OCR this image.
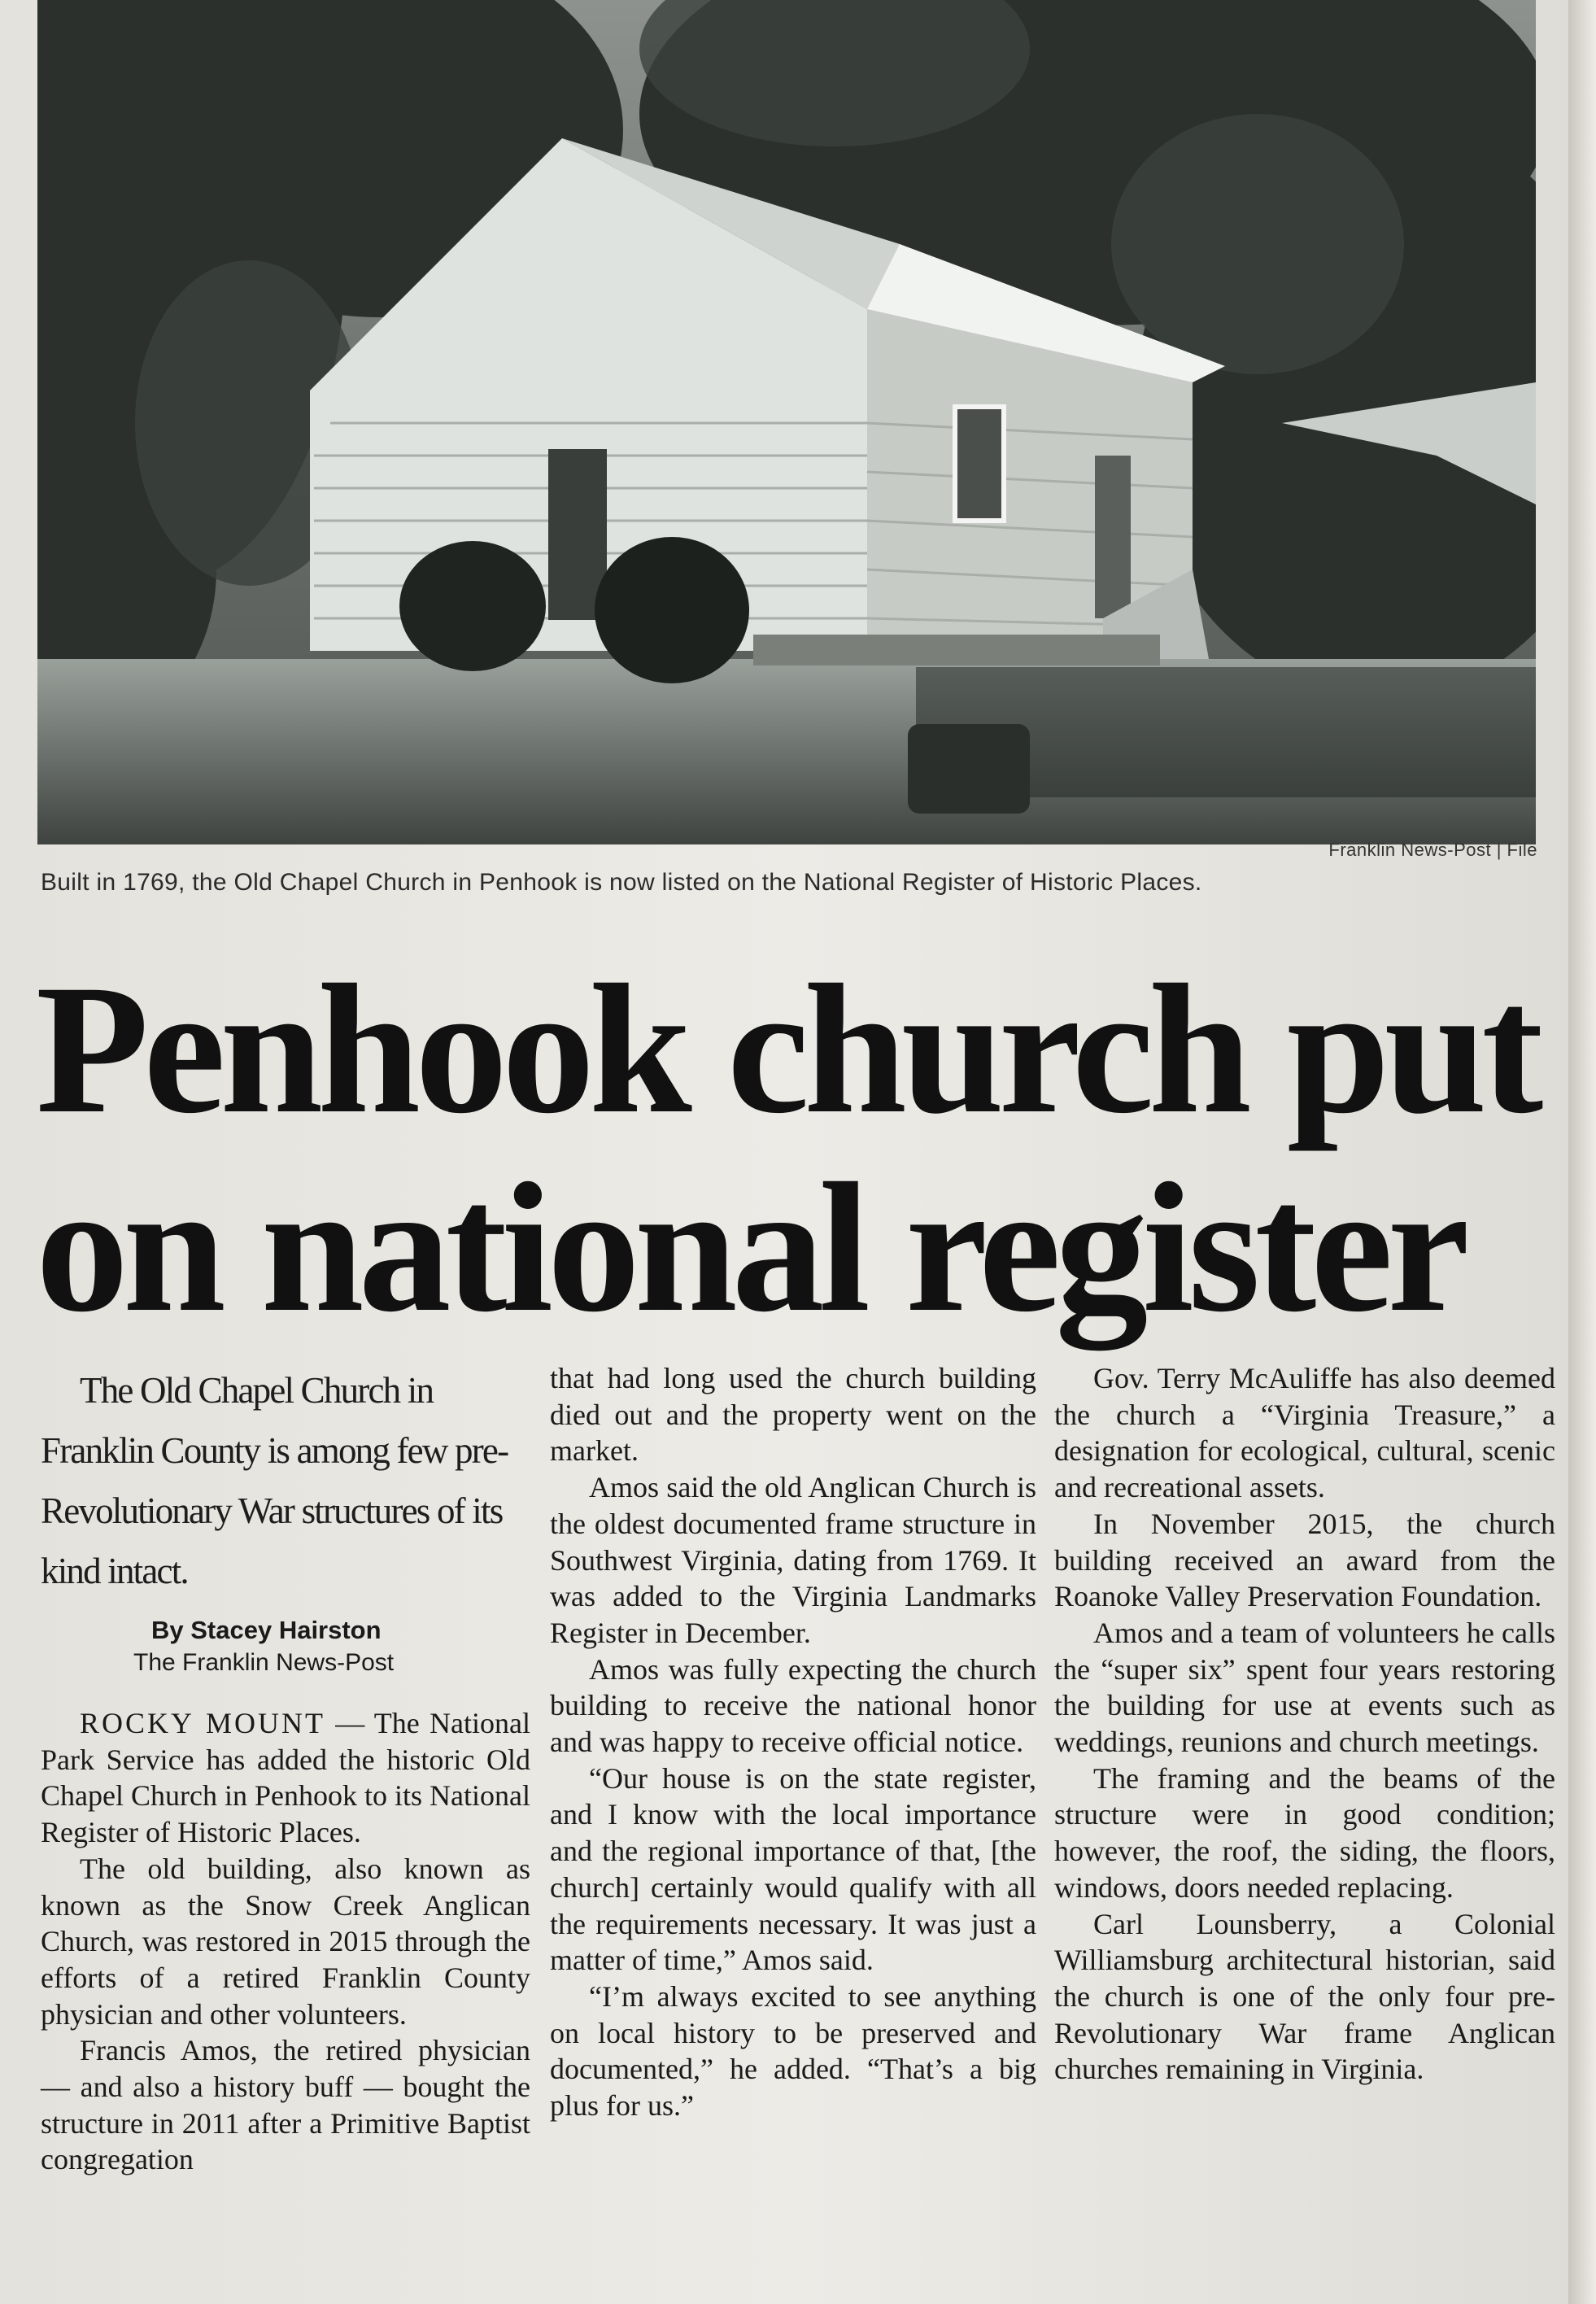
Franklin News-Post | File
Built in 1769, the Old Chapel Church in Penhook is now listed on the National Register of Historic Places.
Penhook church put
on national register

The Old Chapel Church in Franklin County is among few pre-Revolutionary War structures of its kind intact.

By Stacey Hairston
The Franklin News-Post

ROCKY MOUNT — The National Park Service has added the historic Old Chapel Church in Penhook to its National Register of Historic Places.

The old building, also known as known as the Snow Creek Anglican Church, was restored in 2015 through the efforts of a retired Franklin County physician and other volunteers.

Francis Amos, the retired physician — and also a history buff — bought the structure in 2011 after a Primitive Baptist congregation

that had long used the church building died out and the property went on the market.

Amos said the old Anglican Church is the oldest documented frame structure in Southwest Virginia, dating from 1769. It was added to the Virginia Landmarks Register in December.

Amos was fully expecting the church building to receive the national honor and was happy to receive official notice.

“Our house is on the state register, and I know with the local importance and the regional importance of that, [the church] certainly would qualify with all the requirements necessary. It was just a matter of time,” Amos said.

“I’m always excited to see anything on local history to be preserved and documented,” he added. “That’s a big plus for us.”

Gov. Terry McAuliffe has also deemed the church a “Virginia Treasure,” a designation for ecological, cultural, scenic and recreational assets.

In November 2015, the church building received an award from the Roanoke Valley Preservation Foundation.

Amos and a team of volunteers he calls the “super six” spent four years restoring the building for use at events such as weddings, reunions and church meetings.

The framing and the beams of the structure were in good condition; however, the roof, the siding, the floors, windows, doors needed replacing.

Carl Lounsberry, a Colonial Williamsburg architectural historian, said the church is one of the only four pre-Revolutionary War frame Anglican churches remaining in Virginia.
